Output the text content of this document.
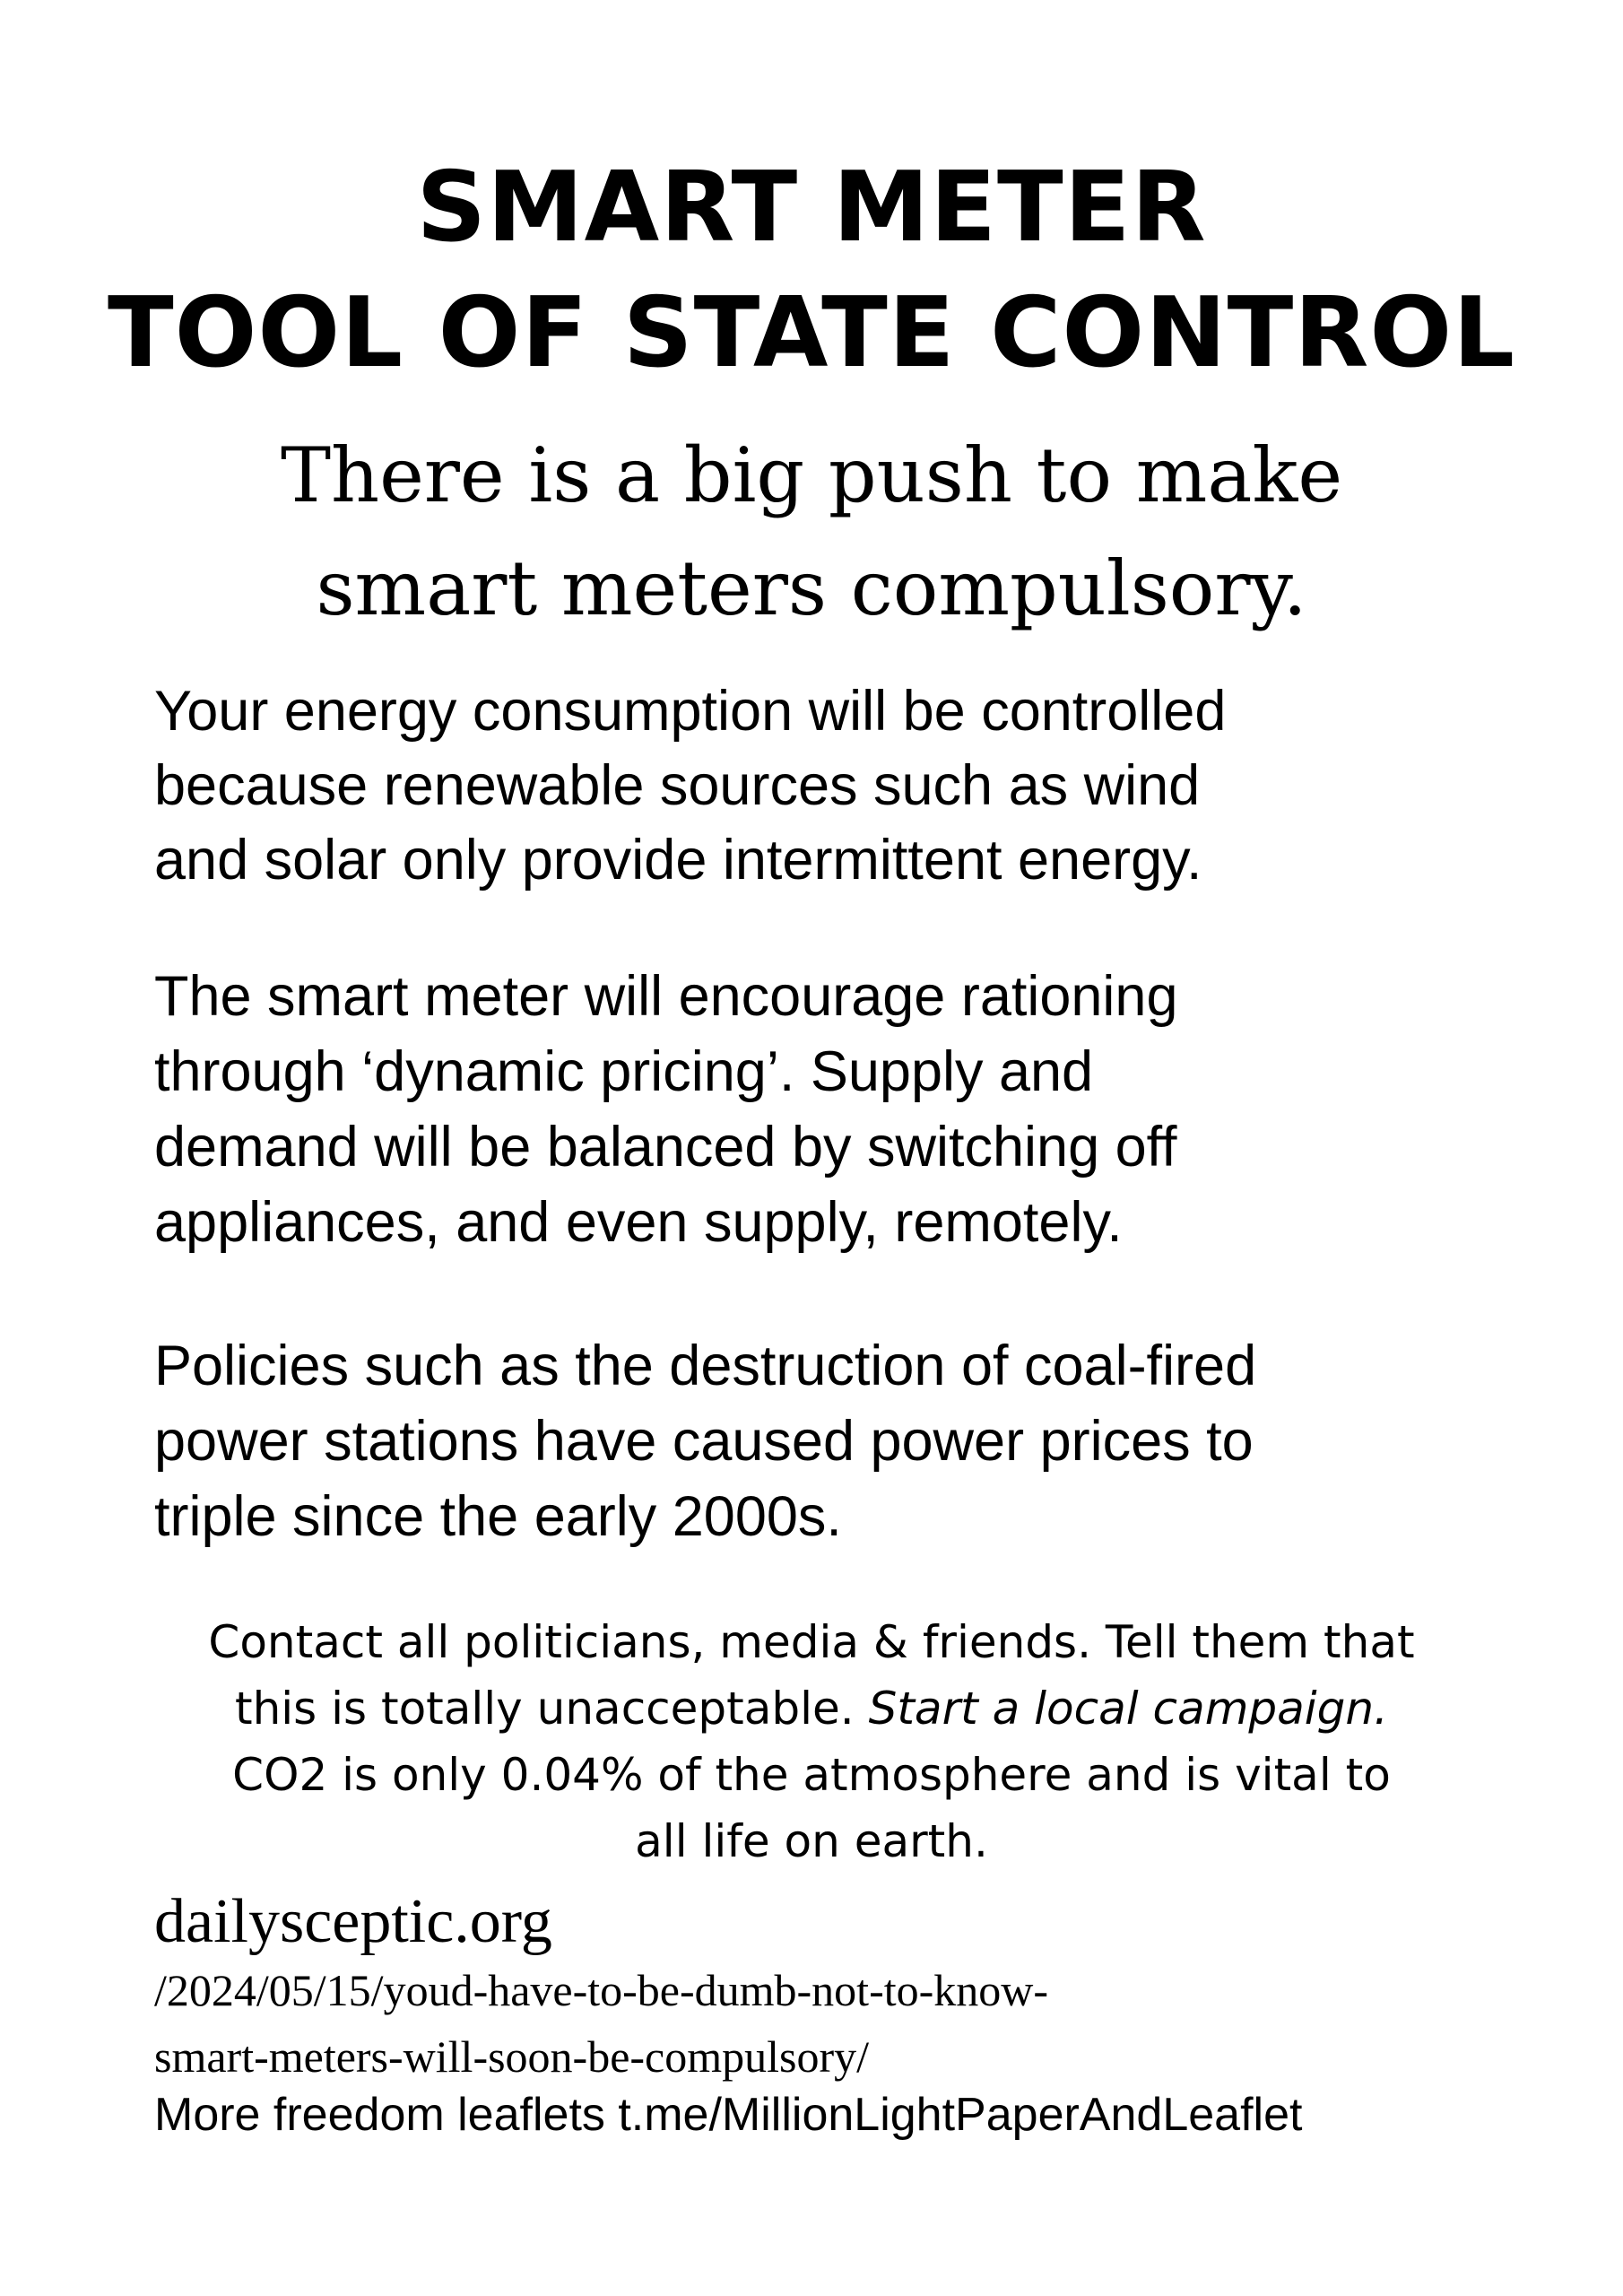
SMART METER

TOOL OF STATE CONTROL

There is a big push to make

smart meters compulsory.

Your energy consumption will be controlled

because renewable sources such as wind

and solar only provide intermittent energy.

The smart meter will encourage rationing

through ‘dynamic pricing’. Supply and

demand will be balanced by switching off

appliances, and even supply, remotely.

Policies such as the destruction of coal-fired

power stations have caused power prices to

triple since the early 2000s.

Contact all politicians, media & friends. Tell them that

this is totally unacceptable. Start a local campaign.

CO2 is only 0.04% of the atmosphere and is vital to

all life on earth.

dailysceptic.org

/2024/05/15/youd-have-to-be-dumb-not-to-know-

smart-meters-will-soon-be-compulsory/

More freedom leaflets t.me/MillionLightPaperAndLeaflet
